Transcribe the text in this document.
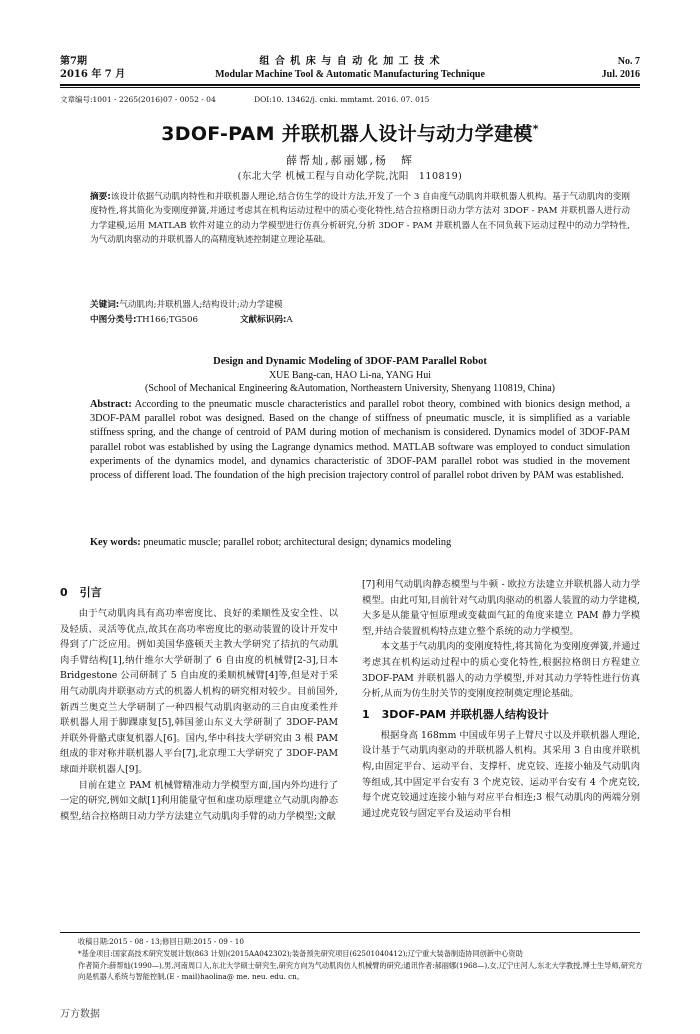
第7期
2016 年 7 月
组 合 机 床 与 自 动 化 加 工 技 术
Modular Machine Tool & Automatic Manufacturing Technique
No. 7
Jul. 2016
文章编号:1001 - 2265(2016)07 - 0052 - 04	DOI:10. 13462/j. cnki. mmtamt. 2016. 07. 015
3DOF-PAM 并联机器人设计与动力学建模*
薛帮灿,郝丽娜,杨　辉
(东北大学 机械工程与自动化学院,沈阳　110819)
摘要:该设计依据气动肌肉特性和并联机器人理论,结合仿生学的设计方法,开发了一个 3 自由度气动肌肉并联机器人机构。基于气动肌肉的变刚度特性,将其简化为变刚度弹簧,并通过考虑其在机构运动过程中的质心变化特性,结合拉格朗日动力学方法对 3DOF - PAM 并联机器人进行动力学建模,运用 MATLAB 软件对建立的动力学模型进行仿真分析研究,分析 3DOF - PAM 并联机器人在不同负载下运动过程中的动力学特性,为气动肌肉驱动的并联机器人的高精度轨迹控制建立理论基础。
关键词:气动肌肉;并联机器人;结构设计;动力学建模
中图分类号:TH166;TG506	文献标识码:A
Design and Dynamic Modeling of 3DOF-PAM Parallel Robot
XUE Bang-can, HAO Li-na, YANG Hui
(School of Mechanical Engineering &Automation, Northeastern University, Shenyang 110819, China)
Abstract: According to the pneumatic muscle characteristics and parallel robot theory, combined with bionics design method, a 3DOF-PAM parallel robot was designed. Based on the change of stiffness of pneumatic muscle, it is simplified as a variable stiffness spring, and the change of centroid of PAM during motion of mechanism is considered. Dynamics model of 3DOF-PAM parallel robot was established by using the Lagrange dynamics method. MATLAB software was employed to conduct simulation experiments of the dynamics model, and dynamics characteristic of 3DOF-PAM parallel robot was studied in the movement process of different load. The foundation of the high precision trajectory control of parallel robot driven by PAM was established.
Key words: pneumatic muscle; parallel robot; architectural design; dynamics modeling
0 引言

由于气动肌肉具有高功率密度比、良好的柔顺性及安全性、以及轻质、灵活等优点,故其在高功率密度比的驱动装置的设计开发中得到了广泛应用。例如美国华盛顿天主教大学研究了拮抗的气动肌肉手臂结构[1],纳什维尔大学研制了 6 自由度的机械臂[2-3],日本 Bridgestone 公司研制了 5 自由度的柔顺机械臂[4]等,但是对于采用气动肌肉并联驱动方式的机器人机构的研究相对较少。目前国外,新西兰奥克兰大学研制了一种四根气动肌肉驱动的三自由度柔性并联机器人用于脚踝康复[5],韩国釜山东义大学研制了 3DOF-PAM 并联外骨骼式康复机器人[6]。国内,华中科技大学研究由 3 根 PAM 组成的非对称并联机器人平台[7],北京理工大学研究了 3DOF-PAM 球面并联机器人[9]。

目前在建立 PAM 机械臂精准动力学模型方面,国内外均进行了一定的研究,例如文献[1]利用能量守恒和虚功原理建立气动肌肉静态模型,结合拉格朗日动力学方法建立气动肌肉手臂的动力学模型;文献

[7]利用气动肌肉静态模型与牛顿 - 欧拉方法建立并联机器人动力学模型。由此可知,目前针对气动肌肉驱动的机器人装置的动力学建模,大多是从能量守恒原理或变截面气缸的角度来建立 PAM 静力学模型,并结合装置机构特点建立整个系统的动力学模型。

本文基于气动肌肉的变刚度特性,将其简化为变刚度弹簧,并通过考虑其在机构运动过程中的质心变化特性,根据拉格朗日方程建立 3DOF-PAM 并联机器人的动力学模型,并对其动力学特性进行仿真分析,从而为仿生肘关节的变刚度控制奠定理论基础。

1 3DOF-PAM 并联机器人结构设计

根据身高 168mm 中国成年男子上臂尺寸以及并联机器人理论,设计基于气动肌肉驱动的并联机器人机构。其采用 3 自由度并联机构,由固定平台、运动平台、支撑杆、虎克铰、连接小轴及气动肌肉等组成,其中固定平台安有 3 个虎克铰、运动平台安有 4 个虎克铰,每个虎克铰通过连接小轴与对应平台相连;3 根气动肌肉的两端分别通过虎克铰与固定平台及运动平台相

收稿日期:2015 - 08 - 13;修回日期:2015 - 09 - 10
*基金项目:国家高技术研究发展计划(863 计划)(2015AA042302);装备预先研究项目(62501040412);辽宁重大装备制造协同创新中心资助
作者简介:薛帮灿(1990—),男,河南周口人,东北大学硕士研究生,研究方向为气动肌肉仿人机械臂的研究;通讯作者:郝丽娜(1968—),女,辽宁庄河人,东北大学教授,博士生导师,研究方向是机器人系统与智能控制,(E - mail)haolina@ me. neu. edu. cn。
万方数据
